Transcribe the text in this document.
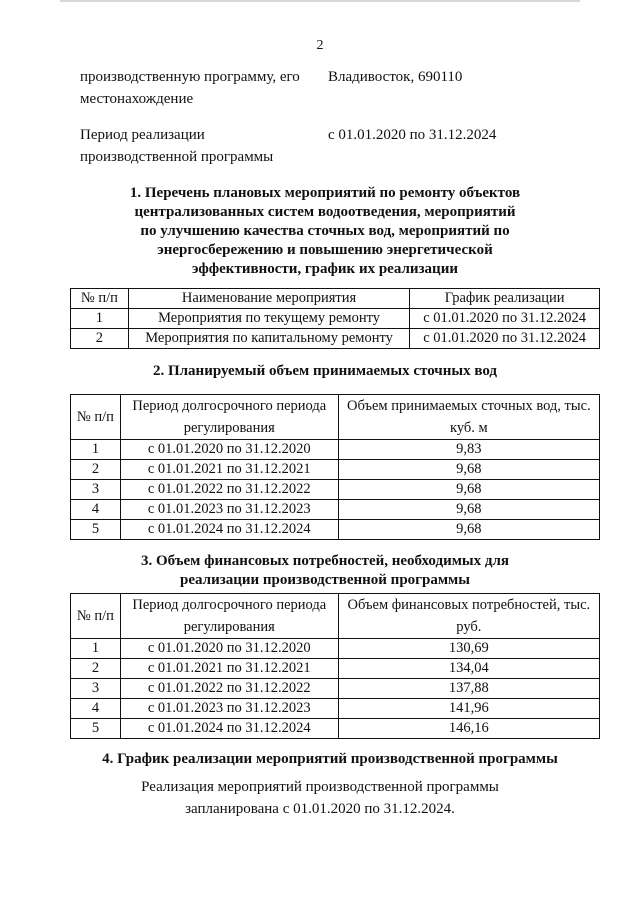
2
производственную программу, его
местонахождение
Владивосток, 690110
Период реализации
производственной программы
с 01.01.2020 по 31.12.2024
1. Перечень плановых мероприятий по ремонту объектов
централизованных систем водоотведения, мероприятий
по улучшению качества сточных вод, мероприятий по
энергосбережению и повышению энергетической
эффективности, график их реализации
№ п/п	Наименование мероприятия	График реализации
1	Мероприятия по текущему ремонту	с 01.01.2020 по 31.12.2024
2	Мероприятия по капитальному ремонту	с 01.01.2020 по 31.12.2024
2. Планируемый объем принимаемых сточных вод
№ п/п	Период долгосрочного периода регулирования	Объем принимаемых сточных вод, тыс. куб. м
1	с 01.01.2020 по 31.12.2020	9,83
2	с 01.01.2021 по 31.12.2021	9,68
3	с 01.01.2022 по 31.12.2022	9,68
4	с 01.01.2023 по 31.12.2023	9,68
5	с 01.01.2024 по 31.12.2024	9,68
3. Объем финансовых потребностей, необходимых для
реализации производственной программы
№ п/п	Период долгосрочного периода регулирования	Объем финансовых потребностей, тыс. руб.
1	с 01.01.2020 по 31.12.2020	130,69
2	с 01.01.2021 по 31.12.2021	134,04
3	с 01.01.2022 по 31.12.2022	137,88
4	с 01.01.2023 по 31.12.2023	141,96
5	с 01.01.2024 по 31.12.2024	146,16
4. График реализации мероприятий производственной программы
Реализация мероприятий производственной программы
запланирована с 01.01.2020 по 31.12.2024.
